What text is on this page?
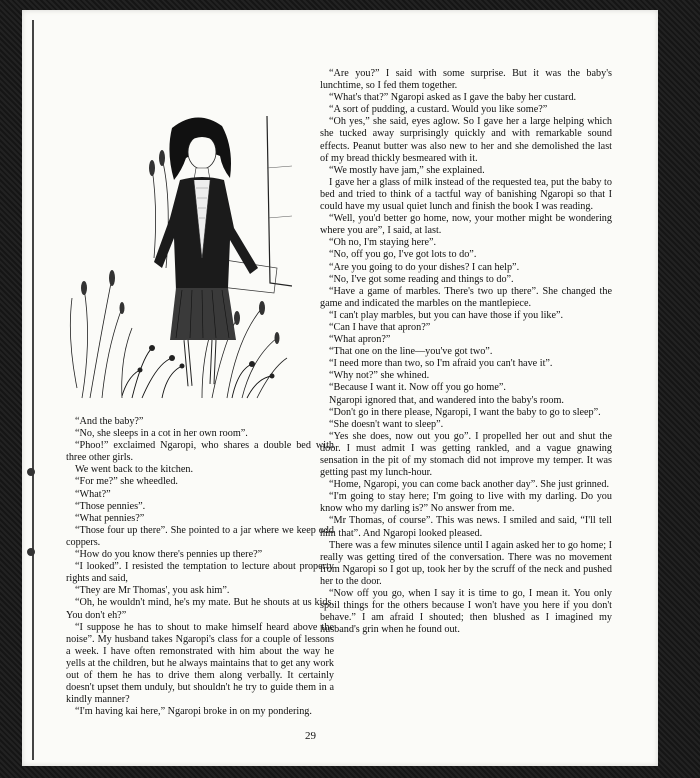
“And the baby?”

“No, she sleeps in a cot in her own room”.

“Phoo!” exclaimed Ngaropi, who shares a double bed with three other girls.

We went back to the kitchen.

“For me?” she wheedled.

“What?”

“Those pennies”.

“What pennies?”

“Those four up there”. She pointed to a jar where we keep odd coppers.

“How do you know there's pennies up there?”

“I looked”. I resisted the temptation to lecture about property rights and said,

“They are Mr Thomas', you ask him”.

“Oh, he wouldn't mind, he's my mate. But he shouts at us kids. You don't eh?”

“I suppose he has to shout to make himself heard above the noise”. My husband takes Ngaropi's class for a couple of lessons a week. I have often remonstrated with him about the way he yells at the children, but he always maintains that to get any work out of them he has to drive them along verbally. It certainly doesn't upset them unduly, but shouldn't he try to guide them in a kindly manner?

“I'm having kai here,” Ngaropi broke in on my pondering.

“Are you?” I said with some surprise. But it was the baby's lunchtime, so I fed them together.

“What's that?” Ngaropi asked as I gave the baby her custard.

“A sort of pudding, a custard. Would you like some?”

“Oh yes,” she said, eyes aglow. So I gave her a large helping which she tucked away surprisingly quickly and with remarkable sound effects. Peanut butter was also new to her and she demolished the last of my bread thickly besmeared with it.

“We mostly have jam,” she explained.

I gave her a glass of milk instead of the requested tea, put the baby to bed and tried to think of a tactful way of banishing Ngaropi so that I could have my usual quiet lunch and finish the book I was reading.

“Well, you'd better go home, now, your mother might be wondering where you are”, I said, at last.

“Oh no, I'm staying here”.

“No, off you go, I've got lots to do”.

“Are you going to do your dishes? I can help”.

“No, I've got some reading and things to do”.

“Have a game of marbles. There's two up there”. She changed the game and indicated the marbles on the mantlepiece.

“I can't play marbles, but you can have those if you like”.

“Can I have that apron?”

“What apron?”

“That one on the line—you've got two”.

“I need more than two, so I'm afraid you can't have it”.

“Why not?” she whined.

“Because I want it. Now off you go home”.

Ngaropi ignored that, and wandered into the baby's room.

“Don't go in there please, Ngaropi, I want the baby to go to sleep”.

“She doesn't want to sleep”.

“Yes she does, now out you go”. I propelled her out and shut the door. I must admit I was getting rankled, and a vague gnawing sensation in the pit of my stomach did not improve my temper. It was getting past my lunch-hour.

“Home, Ngaropi, you can come back another day”. She just grinned.

“I'm going to stay here; I'm going to live with my darling. Do you know who my darling is?” No answer from me.

“Mr Thomas, of course”. This was news. I smiled and said, “I'll tell him that”. And Ngaropi looked pleased.

There was a few minutes silence until I again asked her to go home; I really was getting tired of the conversation. There was no movement from Ngaropi so I got up, took her by the scruff of the neck and pushed her to the door.

“Now off you go, when I say it is time to go, I mean it. You only spoil things for the others because I won't have you here if you don't behave.” I am afraid I shouted; then blushed as I imagined my husband's grin when he found out.

29
